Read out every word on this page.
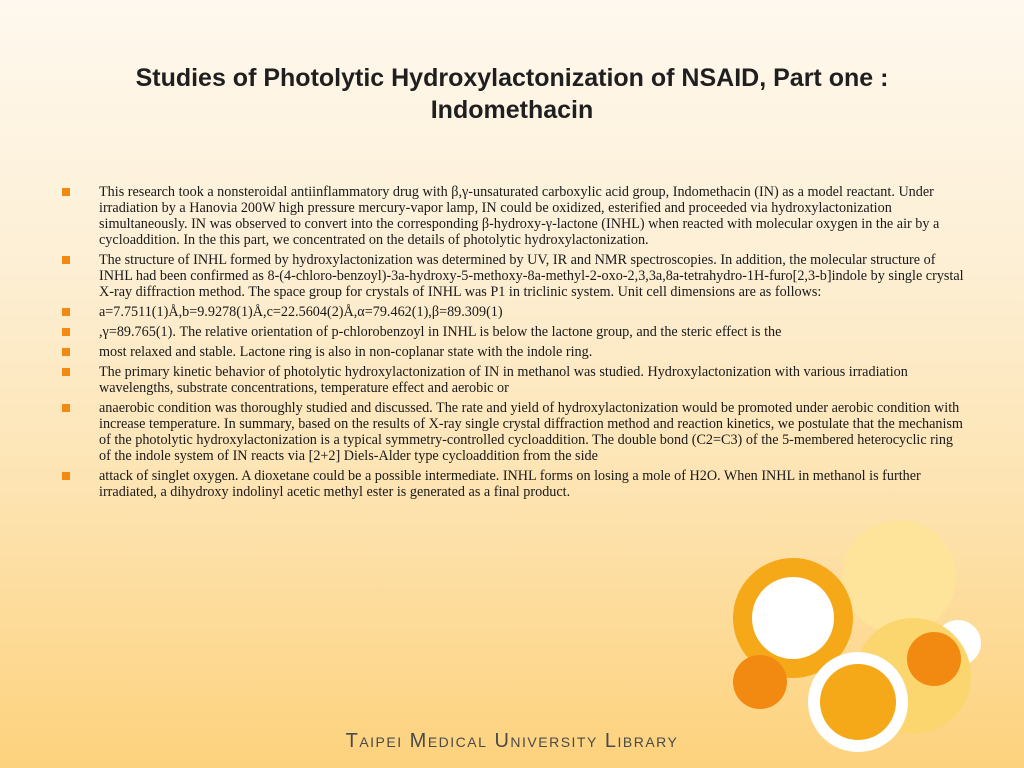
Studies of Photolytic Hydroxylactonization of NSAID, Part one :
Indomethacin
This research took a nonsteroidal antiinflammatory drug with β,γ-unsaturated carboxylic acid group, Indomethacin (IN) as a model reactant. Under irradiation by a Hanovia 200W high pressure mercury-vapor lamp, IN could be oxidized, esterified and proceeded via hydroxylactonization simultaneously. IN was observed to convert into the corresponding β-hydroxy-γ-lactone (INHL) when reacted with molecular oxygen in the air by a cycloaddition. In the this part, we concentrated on the details of photolytic hydroxylactonization.
The structure of INHL formed by hydroxylactonization was determined by UV, IR and NMR spectroscopies. In addition, the molecular structure of INHL had been confirmed as 8-(4-chloro-benzoyl)-3a-hydroxy-5-methoxy-8a-methyl-2-oxo-2,3,3a,8a-tetrahydro-1H-furo[2,3-b]indole by single crystal X-ray diffraction method. The space group for crystals of INHL was P1 in triclinic system. Unit cell dimensions are as follows:
a=7.7511(1)Å,b=9.9278(1)Å,c=22.5604(2)Å,α=79.462(1),β=89.309(1)
,γ=89.765(1). The relative orientation of p-chlorobenzoyl in INHL is below the lactone group, and the steric effect is the
most relaxed and stable. Lactone ring is also in non-coplanar state with the indole ring.
The primary kinetic behavior of photolytic hydroxylactonization of IN in methanol was studied. Hydroxylactonization with various irradiation wavelengths, substrate concentrations, temperature effect and aerobic or
anaerobic condition was thoroughly studied and discussed. The rate and yield of hydroxylactonization would be promoted under aerobic condition with increase temperature. In summary, based on the results of X-ray single crystal diffraction method and reaction kinetics, we postulate that the mechanism of the photolytic hydroxylactonization is a typical symmetry-controlled cycloaddition. The double bond (C2=C3) of the 5-membered heterocyclic ring of the indole system of IN reacts via [2+2] Diels-Alder type cycloaddition from the side
attack of singlet oxygen. A dioxetane could be a possible intermediate. INHL forms on losing a mole of H2O. When INHL in methanol is further irradiated, a dihydroxy indolinyl acetic methyl ester is generated as a final product.
Taipei Medical University Library
